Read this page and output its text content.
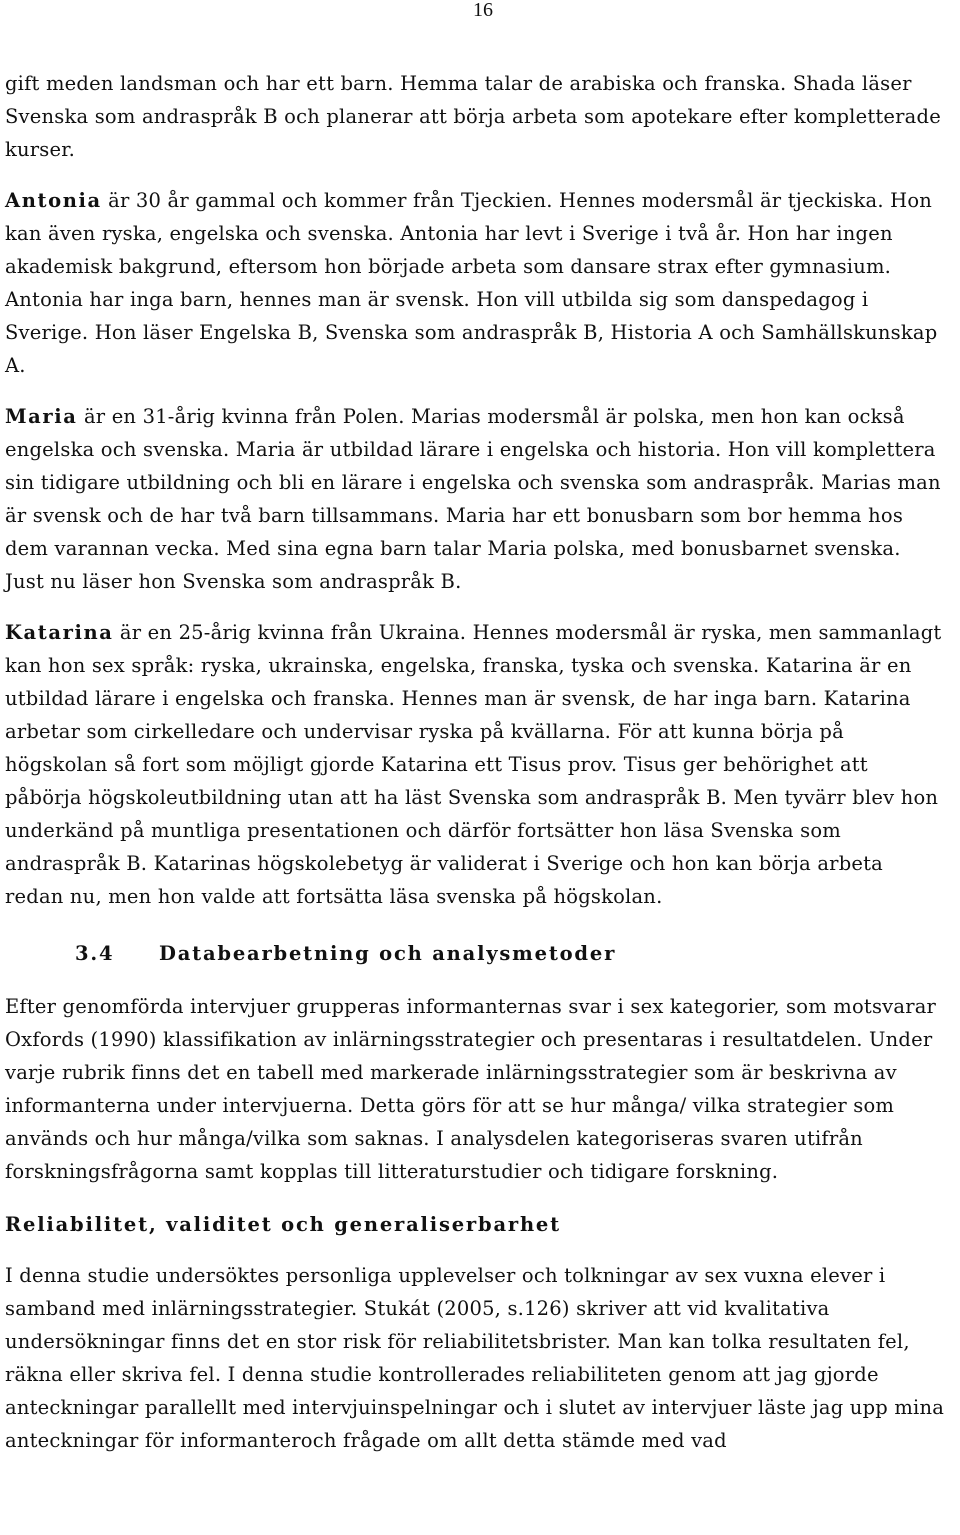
16

gift meden landsman och har ett barn. Hemma talar de arabiska och franska. Shada läser Svenska som andraspråk B och planerar att börja arbeta som apotekare efter kompletterade kurser.

Antonia är 30 år gammal och kommer från Tjeckien. Hennes modersmål är tjeckiska. Hon kan även ryska, engelska och svenska. Antonia har levt i Sverige i två år. Hon har ingen akademisk bakgrund, eftersom hon började arbeta som dansare strax efter gymnasium. Antonia har inga barn, hennes man är svensk. Hon vill utbilda sig som danspedagog i Sverige. Hon läser Engelska B, Svenska som andraspråk B, Historia A och Samhällskunskap A.

Maria är en 31-årig kvinna från Polen. Marias modersmål är polska, men hon kan också engelska och svenska. Maria är utbildad lärare i engelska och historia. Hon vill komplettera sin tidigare utbildning och bli en lärare i engelska och svenska som andraspråk. Marias man är svensk och de har två barn tillsammans. Maria har ett bonusbarn som bor hemma hos dem varannan vecka. Med sina egna barn talar Maria polska, med bonusbarnet svenska. Just nu läser hon Svenska som andraspråk B.

Katarina är en 25-årig kvinna från Ukraina. Hennes modersmål är ryska, men sammanlagt kan hon sex språk: ryska, ukrainska, engelska, franska, tyska och svenska. Katarina är en utbildad lärare i engelska och franska. Hennes man är svensk, de har inga barn. Katarina arbetar som cirkelledare och undervisar ryska på kvällarna. För att kunna börja på högskolan så fort som möjligt gjorde Katarina ett Tisus prov. Tisus ger behörighet att påbörja högskoleutbildning utan att ha läst Svenska som andraspråk B. Men tyvärr blev hon underkänd på muntliga presentationen och därför fortsätter hon läsa Svenska som andraspråk B. Katarinas högskolebetyg är validerat i Sverige och hon kan börja arbeta redan nu, men hon valde att fortsätta läsa svenska på högskolan.

3.4 Databearbetning och analysmetoder

Efter genomförda intervjuer grupperas informanternas svar i sex kategorier, som motsvarar Oxfords (1990) klassifikation av inlärningsstrategier och presentaras i resultatdelen. Under varje rubrik finns det en tabell med markerade inlärningsstrategier som är beskrivna av informanterna under intervjuerna. Detta görs för att se hur många/ vilka strategier som används och hur många/vilka som saknas. I analysdelen kategoriseras svaren utifrån forskningsfrågorna samt kopplas till litteraturstudier och tidigare forskning.

Reliabilitet, validitet och generaliserbarhet

I denna studie undersöktes personliga upplevelser och tolkningar av sex vuxna elever i samband med inlärningsstrategier. Stukát (2005, s.126) skriver att vid kvalitativa undersökningar finns det en stor risk för reliabilitetsbrister. Man kan tolka resultaten fel, räkna eller skriva fel. I denna studie kontrollerades reliabiliteten genom att jag gjorde anteckningar parallellt med intervjuinspelningar och i slutet av intervjuer läste jag upp mina anteckningar för informanteroch frågade om allt detta stämde med vad
